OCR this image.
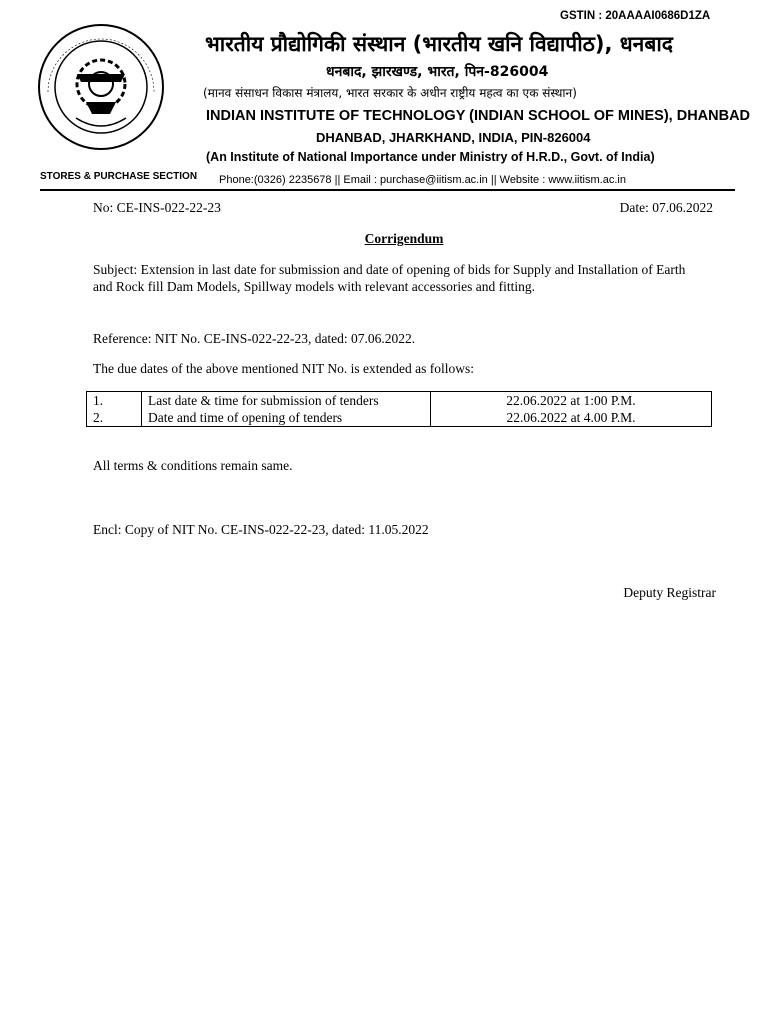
GSTIN : 20AAAAI0686D1ZA
भारतीय प्रौद्योगिकी संस्थान (भारतीय खनि विद्यापीठ), धनबाद
धनबाद, झारखण्ड, भारत, पिन-826004
(मानव संसाधन विकास मंत्रालय, भारत सरकार के अधीन राष्ट्रीय महत्व का एक संस्थान)
INDIAN INSTITUTE OF TECHNOLOGY (INDIAN SCHOOL OF MINES), DHANBAD
DHANBAD, JHARKHAND, INDIA, PIN-826004
(An Institute of National Importance under Ministry of H.R.D., Govt. of India)
STORES & PURCHASE SECTION Phone:(0326) 2235678 || Email : purchase@iitism.ac.in || Website : www.iitism.ac.in
No: CE-INS-022-22-23	Date: 07.06.2022
Corrigendum
Subject: Extension in last date for submission and date of opening of bids for Supply and Installation of Earth and Rock fill Dam Models, Spillway models with relevant accessories and fitting.
Reference: NIT No. CE-INS-022-22-23, dated: 07.06.2022.
The due dates of the above mentioned NIT No. is extended as follows:
1.	Last date & time for submission of tenders	22.06.2022 at 1:00 P.M.
2.	Date and time of opening of tenders	22.06.2022 at 4.00 P.M.
All terms & conditions remain same.
Encl: Copy of NIT No. CE-INS-022-22-23, dated: 11.05.2022
Deputy Registrar
